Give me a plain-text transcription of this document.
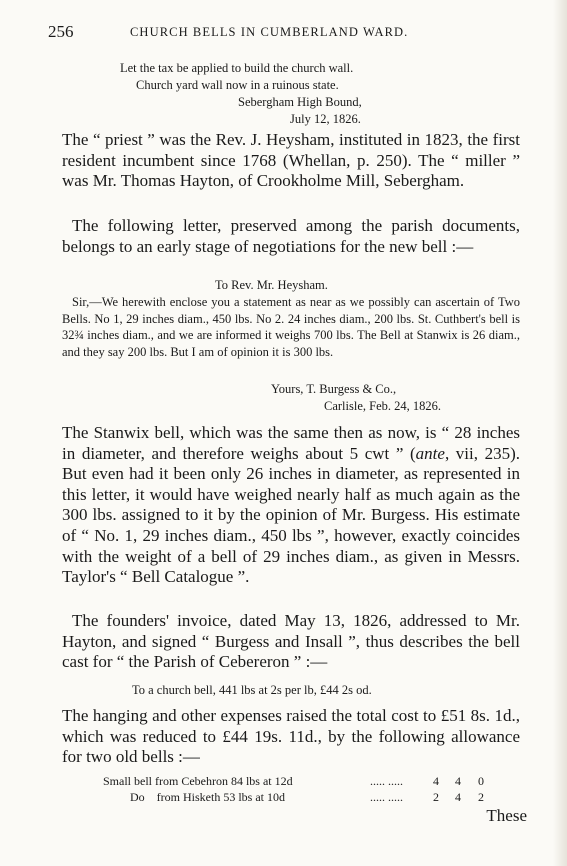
256	CHURCH BELLS IN CUMBERLAND WARD.
Let the tax be applied to build the church wall.
Church yard wall now in a ruinous state.
Sebergham High Bound,
July 12, 1826.

The “ priest ” was the Rev. J. Heysham, instituted in 1823, the first resident incumbent since 1768 (Whellan, p. 250). The “ miller ” was Mr. Thomas Hayton, of Crookholme Mill, Sebergham.

The following letter, preserved among the parish documents, belongs to an early stage of negotiations for the new bell :—

To Rev. Mr. Heysham.

Sir,—We herewith enclose you a statement as near as we possibly can ascertain of Two Bells. No 1, 29 inches diam., 450 lbs. No 2. 24 inches diam., 200 lbs. St. Cuthbert's bell is 32¾ inches diam., and we are informed it weighs 700 lbs. The Bell at Stanwix is 26 diam., and they say 200 lbs. But I am of opinion it is 300 lbs.

Yours, T. Burgess & Co.,
Carlisle, Feb. 24, 1826.

The Stanwix bell, which was the same then as now, is “ 28 inches in diameter, and therefore weighs about 5 cwt ” (ante, vii, 235). But even had it been only 26 inches in diameter, as represented in this letter, it would have weighed nearly half as much again as the 300 lbs. assigned to it by the opinion of Mr. Burgess. His estimate of “ No. 1, 29 inches diam., 450 lbs ”, however, exactly coincides with the weight of a bell of 29 inches diam., as given in Messrs. Taylor's “ Bell Catalogue ”.

The founders' invoice, dated May 13, 1826, addressed to Mr. Hayton, and signed “ Burgess and Insall ”, thus describes the bell cast for “ the Parish of Cebereron ” :—

To a church bell, 441 lbs at 2s per lb, £44 2s od.

The hanging and other expenses raised the total cost to £51 8s. 1d., which was reduced to £44 19s. 11d., by the following allowance for two old bells :—

Small bell from Cebehron 84 lbs at 12d	..... .....	4 4 0
Do    from Hisketh 53 lbs at 10d	..... .....	2 4 2
These
